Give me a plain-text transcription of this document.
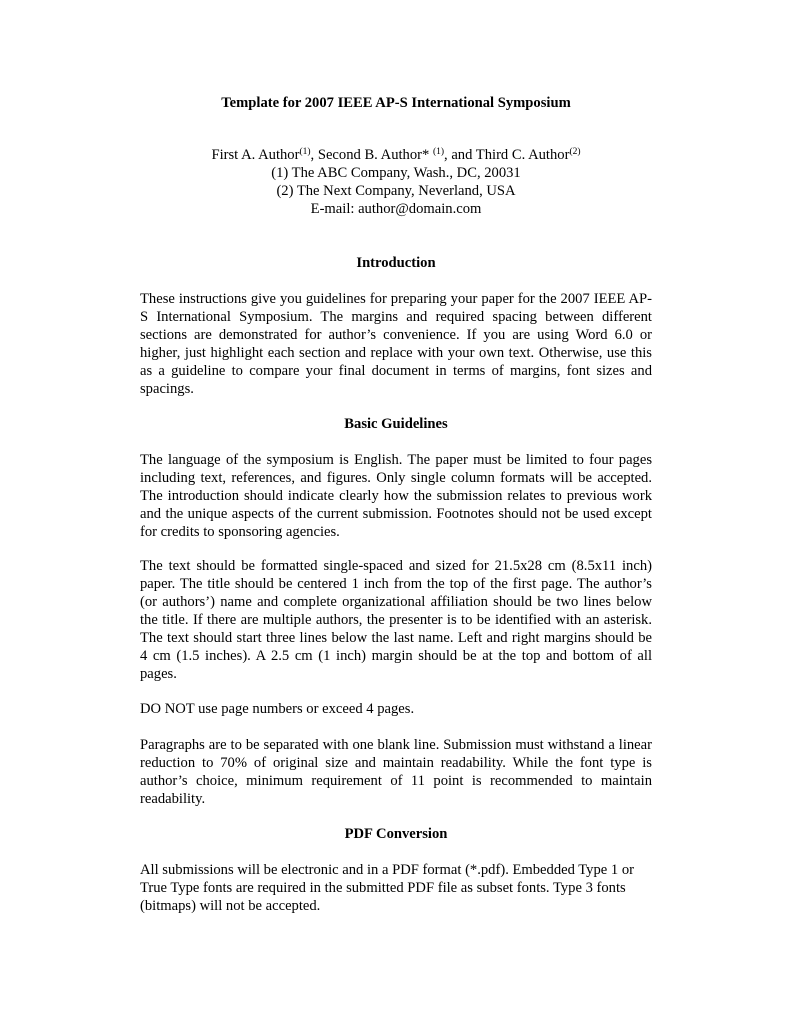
Template for 2007 IEEE AP-S International Symposium
First A. Author$^{(1)}$, Second B. Author* $^{(1)}$, and Third C. Author$^{(2)}$
(1) The ABC Company, Wash., DC, 20031
(2) The Next Company, Neverland, USA
E-mail: author@domain.com
Introduction

These instructions give you guidelines for preparing your paper for the 2007 IEEE AP-S International Symposium. The margins and required spacing between different sections are demonstrated for author’s convenience. If you are using Word 6.0 or higher, just highlight each section and replace with your own text. Otherwise, use this as a guideline to compare your final document in terms of margins, font sizes and spacings.

Basic Guidelines

The language of the symposium is English. The paper must be limited to four pages including text, references, and figures. Only single column formats will be accepted. The introduction should indicate clearly how the submission relates to previous work and the unique aspects of the current submission. Footnotes should not be used except for credits to sponsoring agencies.

The text should be formatted single-spaced and sized for 21.5x28 cm (8.5x11 inch) paper. The title should be centered 1 inch from the top of the first page. The author’s (or authors’) name and complete organizational affiliation should be two lines below the title. If there are multiple authors, the presenter is to be identified with an asterisk. The text should start three lines below the last name. Left and right margins should be 4 cm (1.5 inches). A 2.5 cm (1 inch) margin should be at the top and bottom of all pages.

DO NOT use page numbers or exceed 4 pages.

Paragraphs are to be separated with one blank line. Submission must withstand a linear reduction to 70% of original size and maintain readability. While the font type is author’s choice, minimum requirement of 11 point is recommended to maintain readability.

PDF Conversion

All submissions will be electronic and in a PDF format (*.pdf). Embedded Type 1 or True Type fonts are required in the submitted PDF file as subset fonts. Type 3 fonts (bitmaps) will not be accepted.
